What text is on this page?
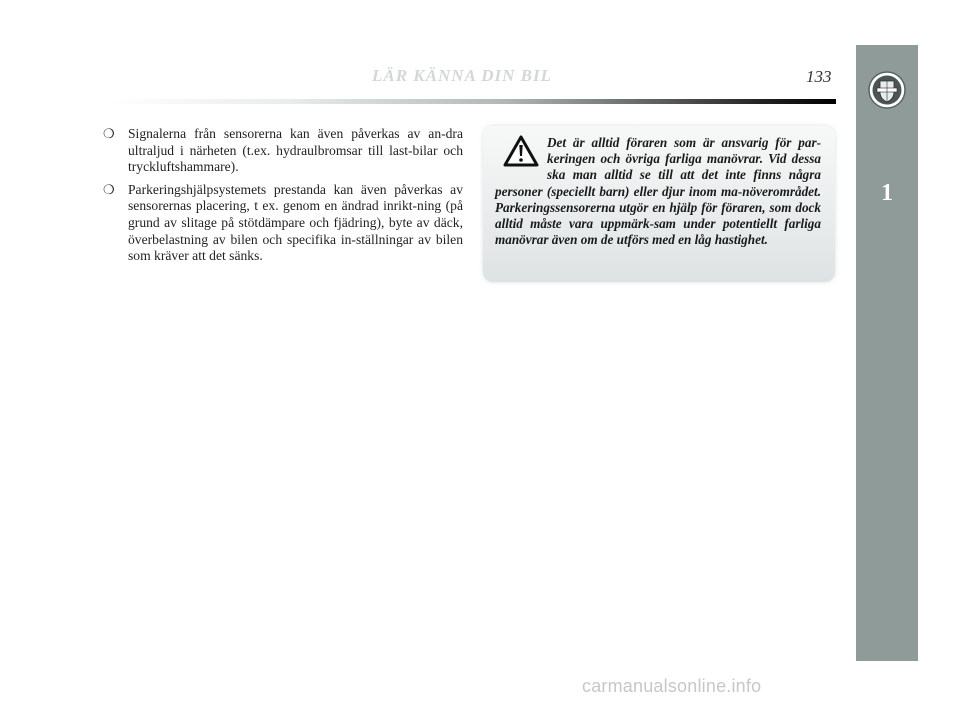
LÄR KÄNNA DIN BIL	133
1
❍ Signalerna från sensorerna kan även påverkas av an-dra ultraljud i närheten (t.ex. hydraulbromsar till last-bilar och tryckluftshammare).
❍ Parkeringshjälpsystemets prestanda kan även påverkas av sensorernas placering, t ex. genom en ändrad inrikt-ning (på grund av slitage på stötdämpare och fjädring), byte av däck, överbelastning av bilen och specifika in-ställningar av bilen som kräver att det sänks.

Det är alltid föraren som är ansvarig för par-keringen och övriga farliga manövrar. Vid dessa ska man alltid se till att det inte finns några personer (speciellt barn) eller djur inom ma-növerområdet. Parkeringssensorerna utgör en hjälp för föraren, som dock alltid måste vara uppmärk-sam under potentiellt farliga manövrar även om de utförs med en låg hastighet.

carmanualsonline.info
